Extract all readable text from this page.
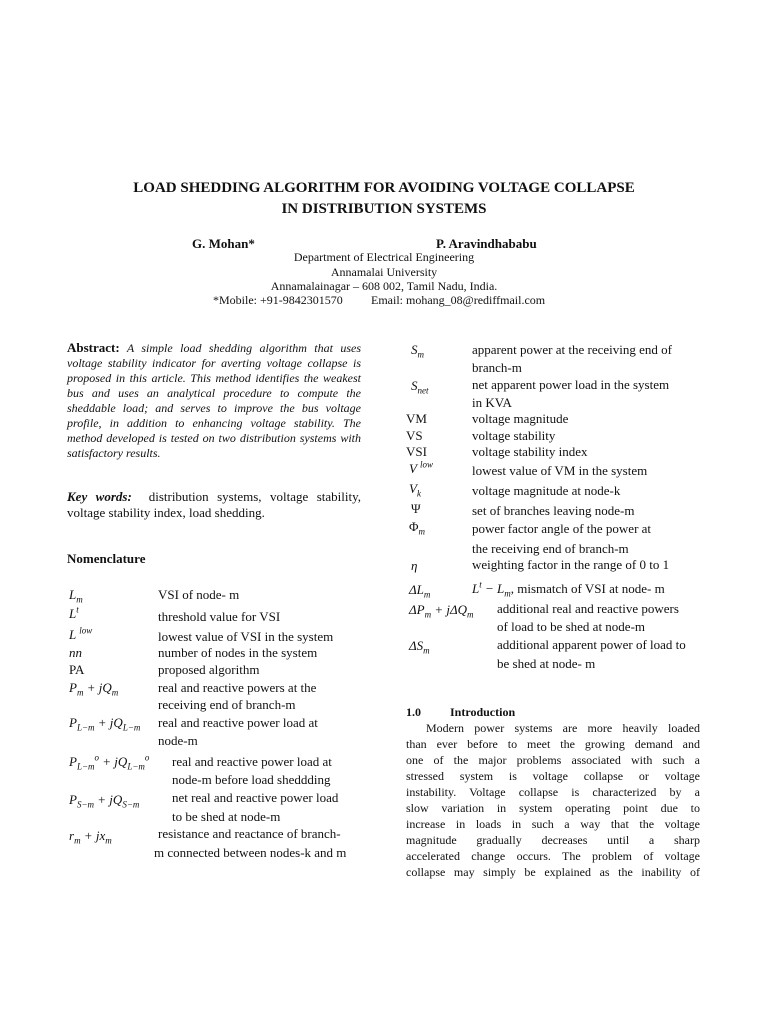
LOAD SHEDDING ALGORITHM FOR AVOIDING VOLTAGE COLLAPSE
IN DISTRIBUTION SYSTEMS
G. Mohan*	P. Aravindhababu
Department of Electrical Engineering
Annamalai University
Annamalainagar – 608 002, Tamil Nadu, India.
*Mobile: +91-9842301570 Email: mohang_08@rediffmail.com
Abstract: A simple load shedding algorithm that uses voltage stability indicator for averting voltage collapse is proposed in this article. This method identifies the weakest bus and uses an analytical procedure to compute the sheddable load; and serves to improve the bus voltage profile, in addition to enhancing voltage stability. The method developed is tested on two distribution systems with satisfactory results.
Key words: distribution systems, voltage stability, voltage stability index, load shedding.
Nomenclature
$L_m$	VSI of node- m
$L^t$	threshold value for VSI
L $^{low}$	lowest value of VSI in the system
nn	number of nodes in the system
PA	proposed algorithm
$P_m + jQ_m$	real and reactive powers at the
receiving end of branch-m
$P_{L-m} + jQ_{L-m}$ real and reactive power load at
node-m
$P_{L-m}^o + jQ_{L-m}^o$ real and reactive power load at
node-m before load sheddding
$P_{S-m} + jQ_{S-m}$	net real and reactive power load
to be shed at node-m
$r_m + jx_m$	resistance and reactance of branch-
m connected between nodes-k and m
$S_m$	apparent power at the receiving end of
branch-m
$S_{net}$	net apparent power load in the system
in KVA
VM	voltage magnitude
VS	voltage stability
VSI	voltage stability index
V $^{low}$	lowest value of VM in the system
$V_k$	voltage magnitude at node-k
Ψ	set of branches leaving node-m
$\Phi_m$	power factor angle of the power at
the receiving end of branch-m
η	weighting factor in the range of 0 to 1
$\Delta L_m$	$L^t - L_m$, mismatch of VSI at node- m
$\Delta P_m + j\Delta Q_m$ additional real and reactive powers
of load to be shed at node-m
$\Delta S_m$	additional apparent power of load to
be shed at node- m
1.0 Introduction
Modern power systems are more heavily loaded
than ever before to meet the growing demand and
one of the major problems associated with such a
stressed system is voltage collapse or voltage
instability. Voltage collapse is characterized by a
slow variation in system operating point due to
increase in loads in such a way that the voltage
magnitude gradually decreases until a sharp
accelerated change occurs. The problem of voltage
collapse may simply be explained as the inability of
